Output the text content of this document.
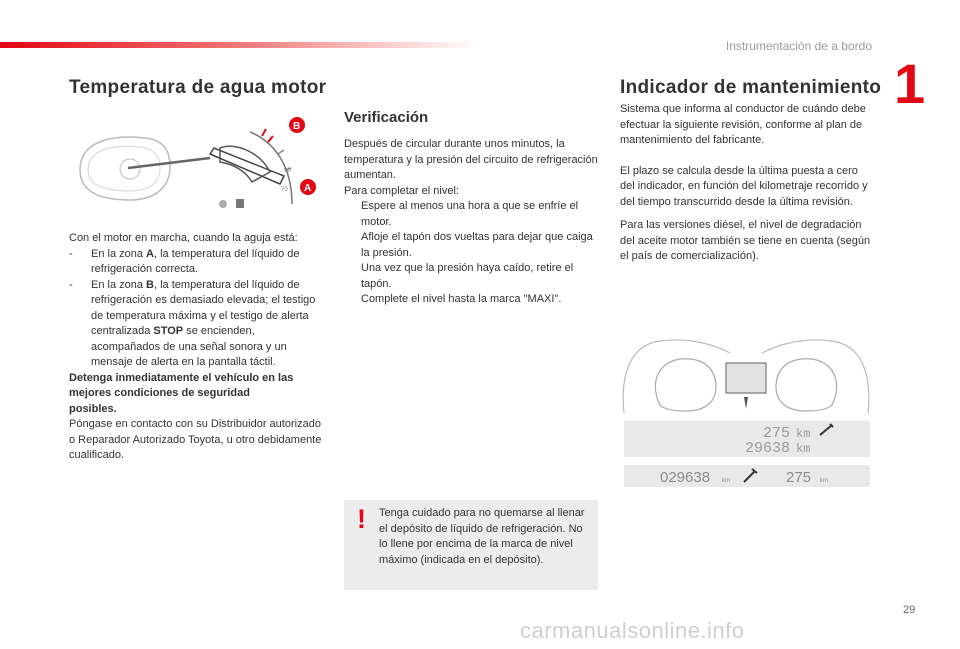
Instrumentación de a bordo
1
Temperatura de agua motor
B
A
90
70

Con el motor en marcha, cuando la aguja está:

-	En la zona A, la temperatura del líquido de refrigeración correcta.
-	En la zona B, la temperatura del líquido de refrigeración es demasiado elevada; el testigo de temperatura máxima y el testigo de alerta centralizada STOP se encienden, acompañados de una señal sonora y un mensaje de alerta en la pantalla táctil.

Detenga inmediatamente el vehículo en las mejores condiciones de seguridad posibles.

Póngase en contacto con su Distribuidor autorizado o Reparador Autorizado Toyota, u otro debidamente cualificado.

Verificación

Después de circular durante unos minutos, la temperatura y la presión del circuito de refrigeración aumentan.

Para completar el nivel:

Espere al menos una hora a que se enfríe el motor.
Afloje el tapón dos vueltas para dejar que caiga la presión.
Una vez que la presión haya caído, retire el tapón.
Complete el nivel hasta la marca "MAXI".
! Tenga cuidado para no quemarse al llenar el depósito de líquido de refrigeración. No lo llene por encima de la marca de nivel máximo (indicada en el depósito).
Indicador de mantenimiento

Sistema que informa al conductor de cuándo debe efectuar la siguiente revisión, conforme al plan de mantenimiento del fabricante.

El plazo se calcula desde la última puesta a cero del indicador, en función del kilometraje recorrido y del tiempo transcurrido desde la última revisión.

Para las versiones diésel, el nivel de degradación del aceite motor también se tiene en cuenta (según el país de comercialización).

275 km
29638 km
029638 km	275 km
29
carmanualsonline.info
